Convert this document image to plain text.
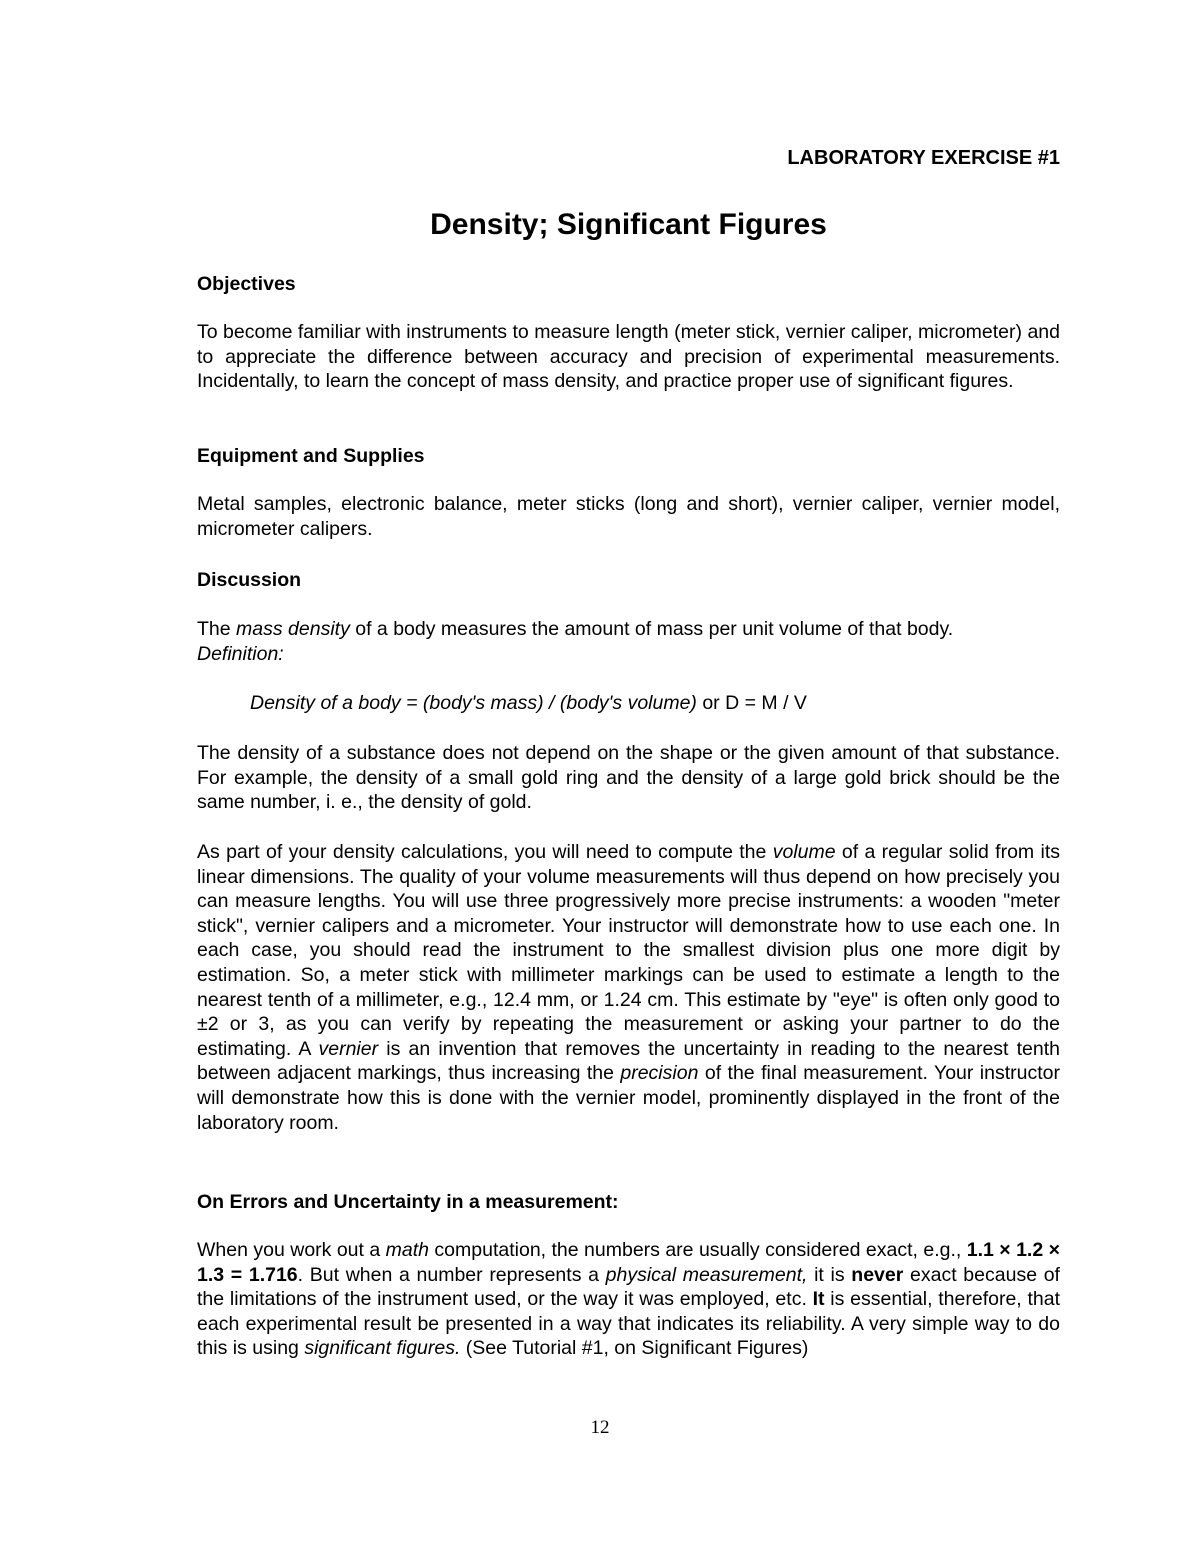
LABORATORY EXERCISE #1
Density; Significant Figures
Objectives

To become familiar with instruments to measure length (meter stick, vernier caliper, micrometer) and to appreciate the difference between accuracy and precision of experimental measurements. Incidentally, to learn the concept of mass density, and practice proper use of significant figures.

Equipment and Supplies

Metal samples, electronic balance, meter sticks (long and short), vernier caliper, vernier model, micrometer calipers.

Discussion

The mass density of a body measures the amount of mass per unit volume of that body.
Definition:

Density of a body = (body's mass) / (body's volume) or D = M / V

The density of a substance does not depend on the shape or the given amount of that substance. For example, the density of a small gold ring and the density of a large gold brick should be the same number, i. e., the density of gold.

As part of your density calculations, you will need to compute the volume of a regular solid from its linear dimensions. The quality of your volume measurements will thus depend on how precisely you can measure lengths. You will use three progressively more precise instruments: a wooden "meter stick", vernier calipers and a micrometer. Your instructor will demonstrate how to use each one. In each case, you should read the instrument to the smallest division plus one more digit by estimation. So, a meter stick with millimeter markings can be used to estimate a length to the nearest tenth of a millimeter, e.g., 12.4 mm, or 1.24 cm. This estimate by "eye" is often only good to ±2 or 3, as you can verify by repeating the measurement or asking your partner to do the estimating. A vernier is an invention that removes the uncertainty in reading to the nearest tenth between adjacent markings, thus increasing the precision of the final measurement. Your instructor will demonstrate how this is done with the vernier model, prominently displayed in the front of the laboratory room.

On Errors and Uncertainty in a measurement:

When you work out a math computation, the numbers are usually considered exact, e.g., 1.1 × 1.2 × 1.3 = 1.716. But when a number represents a physical measurement, it is never exact because of the limitations of the instrument used, or the way it was employed, etc. It is essential, therefore, that each experimental result be presented in a way that indicates its reliability. A very simple way to do this is using significant figures. (See Tutorial #1, on Significant Figures)

12
